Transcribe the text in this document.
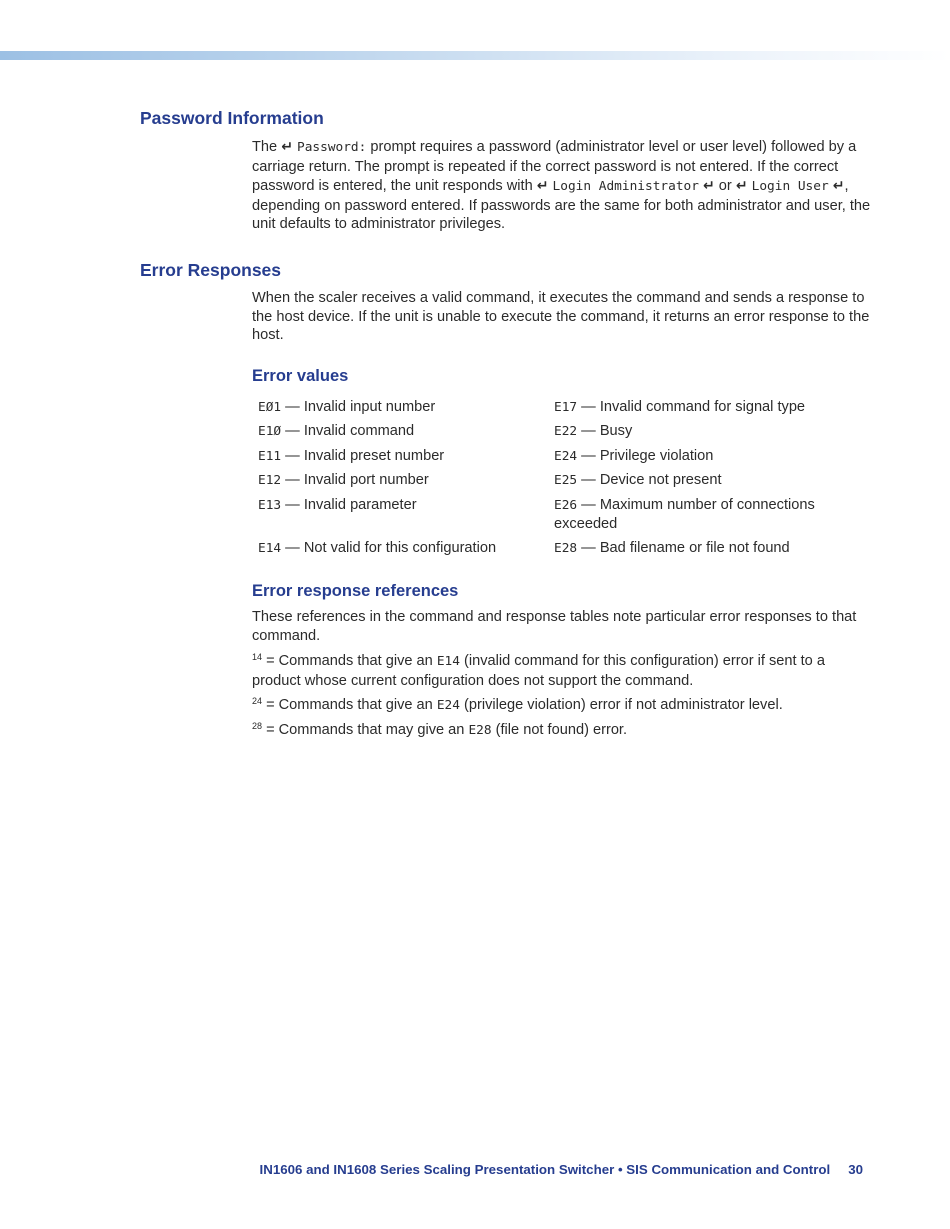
Password Information

The ↵ Password: prompt requires a password (administrator level or user level) followed by a carriage return. The prompt is repeated if the correct password is not entered. If the correct password is entered, the unit responds with ↵ Login Administrator ↵ or ↵ Login User ↵, depending on password entered. If passwords are the same for both administrator and user, the unit defaults to administrator privileges.

Error Responses

When the scaler receives a valid command, it executes the command and sends a response to the host device. If the unit is unable to execute the command, it returns an error response to the host.

Error values
EØ1 — Invalid input number	E17 — Invalid command for signal type
E1Ø — Invalid command	E22 — Busy
E11 — Invalid preset number	E24 — Privilege violation
E12 — Invalid port number	E25 — Device not present
E13 — Invalid parameter	E26 — Maximum number of connections exceeded
E14 — Not valid for this configuration	E28 — Bad filename or file not found
Error response references

These references in the command and response tables note particular error responses to that command.

$^{14}$ = Commands that give an E14 (invalid command for this configuration) error if sent to a product whose current configuration does not support the command.

$^{24}$ = Commands that give an E24 (privilege violation) error if not administrator level.

$^{28}$ = Commands that may give an E28 (file not found) error.

IN1606 and IN1608 Series Scaling Presentation Switcher • SIS Communication and Control 30
